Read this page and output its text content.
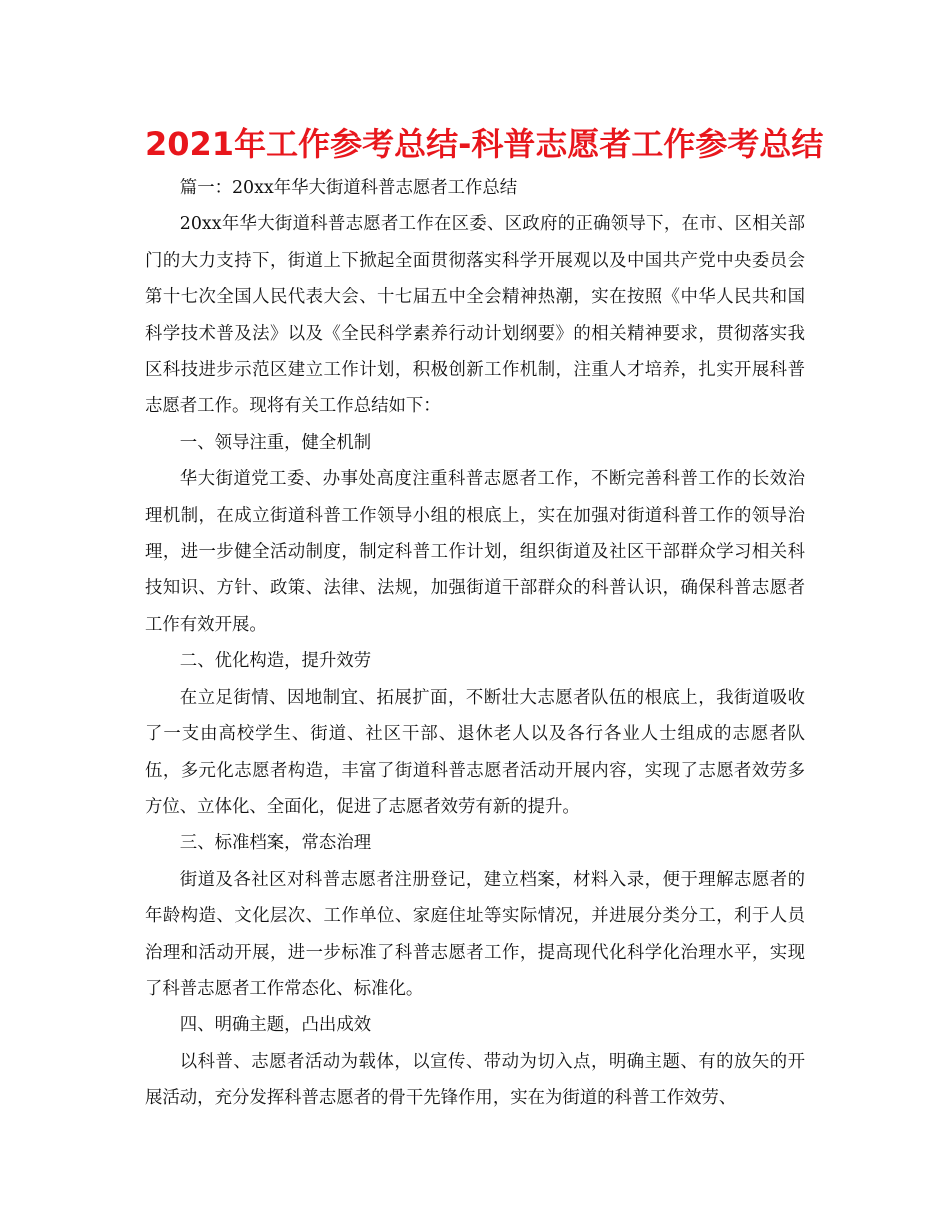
2021年工作参考总结-科普志愿者工作参考总结

篇一：20xx年华大街道科普志愿者工作总结

20xx年华大街道科普志愿者工作在区委、区政府的正确领导下，在市、区相关部门的大力支持下，街道上下掀起全面贯彻落实科学开展观以及中国共产党中央委员会第十七次全国人民代表大会、十七届五中全会精神热潮，实在按照《中华人民共和国科学技术普及法》以及《全民科学素养行动计划纲要》的相关精神要求，贯彻落实我区科技进步示范区建立工作计划，积极创新工作机制，注重人才培养，扎实开展科普志愿者工作。现将有关工作总结如下：

一、领导注重，健全机制

华大街道党工委、办事处高度注重科普志愿者工作，不断完善科普工作的长效治理机制，在成立街道科普工作领导小组的根底上，实在加强对街道科普工作的领导治理，进一步健全活动制度，制定科普工作计划，组织街道及社区干部群众学习相关科技知识、方针、政策、法律、法规，加强街道干部群众的科普认识，确保科普志愿者工作有效开展。

二、优化构造，提升效劳

在立足街情、因地制宜、拓展扩面，不断壮大志愿者队伍的根底上，我街道吸收了一支由高校学生、街道、社区干部、退休老人以及各行各业人士组成的志愿者队伍，多元化志愿者构造，丰富了街道科普志愿者活动开展内容，实现了志愿者效劳多方位、立体化、全面化，促进了志愿者效劳有新的提升。

三、标准档案，常态治理

街道及各社区对科普志愿者注册登记，建立档案，材料入录，便于理解志愿者的年龄构造、文化层次、工作单位、家庭住址等实际情况，并进展分类分工，利于人员治理和活动开展，进一步标准了科普志愿者工作，提高现代化科学化治理水平，实现了科普志愿者工作常态化、标准化。

四、明确主题，凸出成效

以科普、志愿者活动为载体，以宣传、带动为切入点，明确主题、有的放矢的开展活动，充分发挥科普志愿者的骨干先锋作用，实在为街道的科普工作效劳、
